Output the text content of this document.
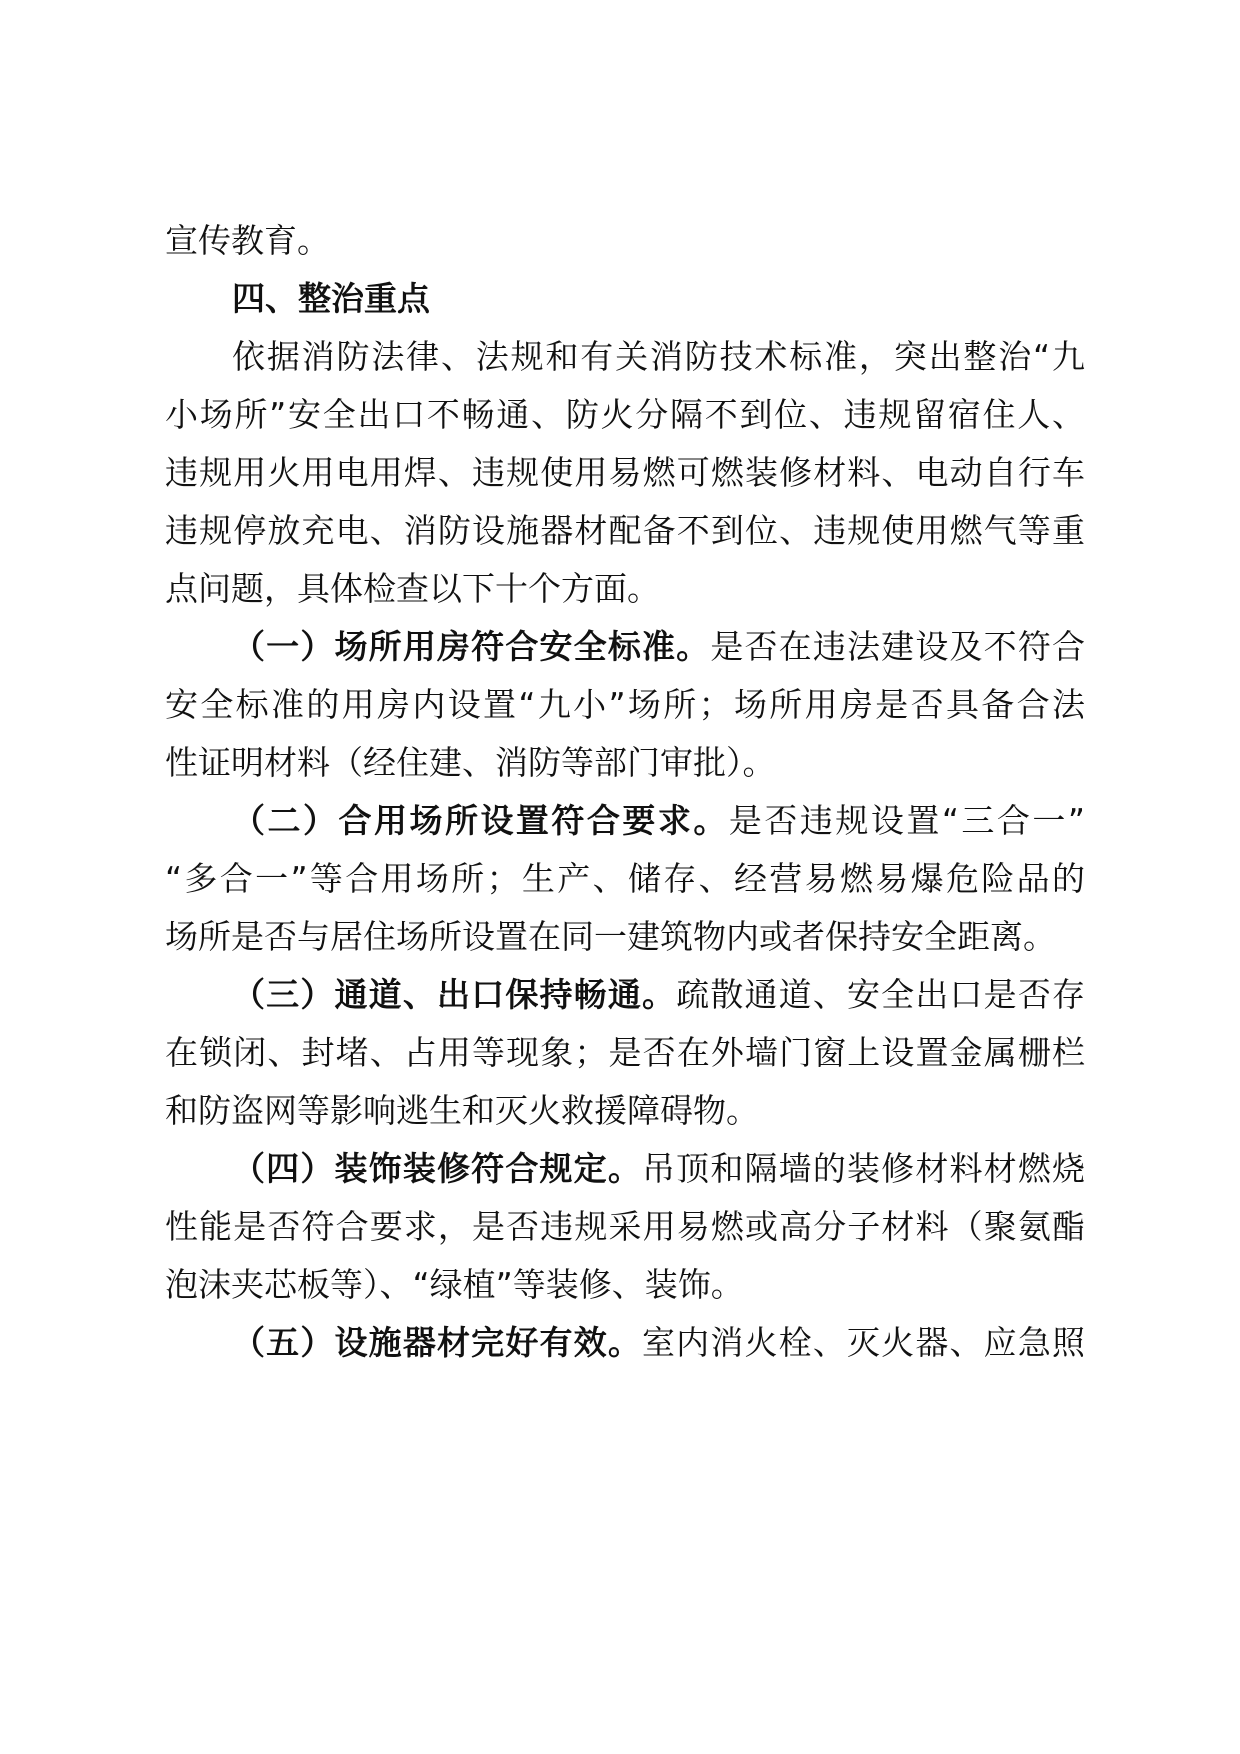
宣传教育。
四、整治重点
依据消防法律、法规和有关消防技术标准，突出整治“九
小场所”安全出口不畅通、防火分隔不到位、违规留宿住人、
违规用火用电用焊、违规使用易燃可燃装修材料、电动自行车
违规停放充电、消防设施器材配备不到位、违规使用燃气等重
点问题，具体检查以下十个方面。
（一）场所用房符合安全标准。是否在违法建设及不符合
安全标准的用房内设置“九小”场所；场所用房是否具备合法
性证明材料（经住建、消防等部门审批）。
（二）合用场所设置符合要求。是否违规设置“三合一”
“多合一”等合用场所；生产、储存、经营易燃易爆危险品的
场所是否与居住场所设置在同一建筑物内或者保持安全距离。
（三）通道、出口保持畅通。疏散通道、安全出口是否存
在锁闭、封堵、占用等现象；是否在外墙门窗上设置金属栅栏
和防盗网等影响逃生和灭火救援障碍物。
（四）装饰装修符合规定。吊顶和隔墙的装修材料材燃烧
性能是否符合要求，是否违规采用易燃或高分子材料（聚氨酯
泡沫夹芯板等）、“绿植”等装修、装饰。
（五）设施器材完好有效。室内消火栓、灭火器、应急照
